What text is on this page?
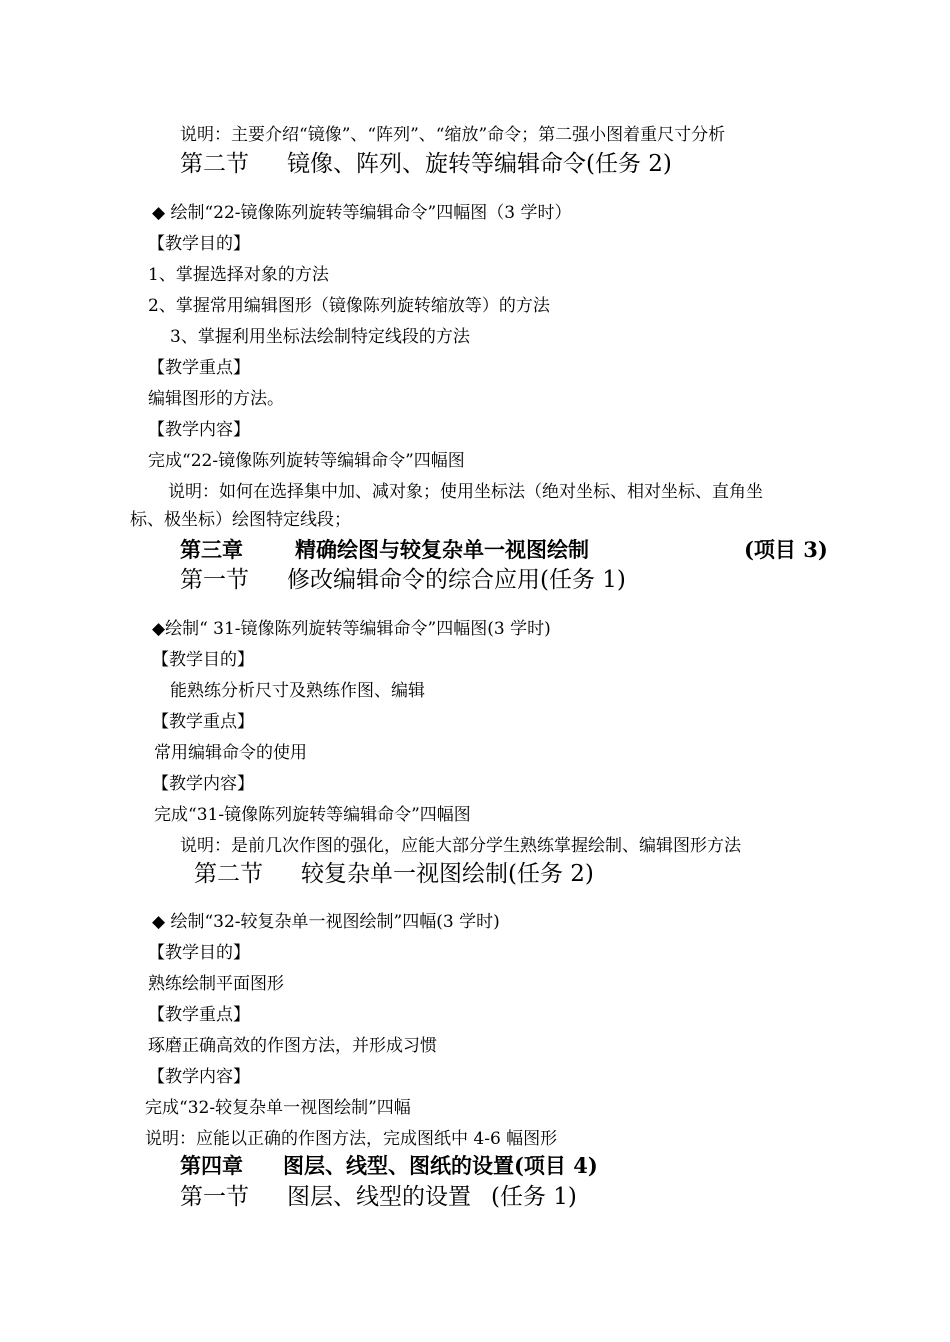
说明：主要介绍“镜像”、“阵列”、“缩放”命令；第二强小图着重尺寸分析
第二节 镜像、阵列、旋转等编辑命令(任务 2)
◆ 绘制“22-镜像陈列旋转等编辑命令”四幅图（3 学时）
【教学目的】
1、掌握选择对象的方法
2、掌握常用编辑图形（镜像陈列旋转缩放等）的方法
3、掌握利用坐标法绘制特定线段的方法
【教学重点】
编辑图形的方法。
【教学内容】
完成“22-镜像陈列旋转等编辑命令”四幅图
说明：如何在选择集中加、减对象；使用坐标法（绝对坐标、相对坐标、直角坐
标、极坐标）绘图特定线段；
第三章 精确绘图与较复杂单一视图绘制	(项目 3)
第一节 修改编辑命令的综合应用(任务 1)
◆绘制“ 31-镜像陈列旋转等编辑命令”四幅图(3 学时)
【教学目的】
能熟练分析尺寸及熟练作图、编辑
【教学重点】
常用编辑命令的使用
【教学内容】
完成“31-镜像陈列旋转等编辑命令”四幅图
说明：是前几次作图的强化，应能大部分学生熟练掌握绘制、编辑图形方法
第二节 较复杂单一视图绘制(任务 2)
◆ 绘制“32-较复杂单一视图绘制”四幅(3 学时)
【教学目的】
熟练绘制平面图形
【教学重点】
琢磨正确高效的作图方法，并形成习惯
【教学内容】
完成“32-较复杂单一视图绘制”四幅
说明：应能以正确的作图方法，完成图纸中 4-6 幅图形
第四章 图层、线型、图纸的设置(项目 4)
第一节 图层、线型的设置 (任务 1)
